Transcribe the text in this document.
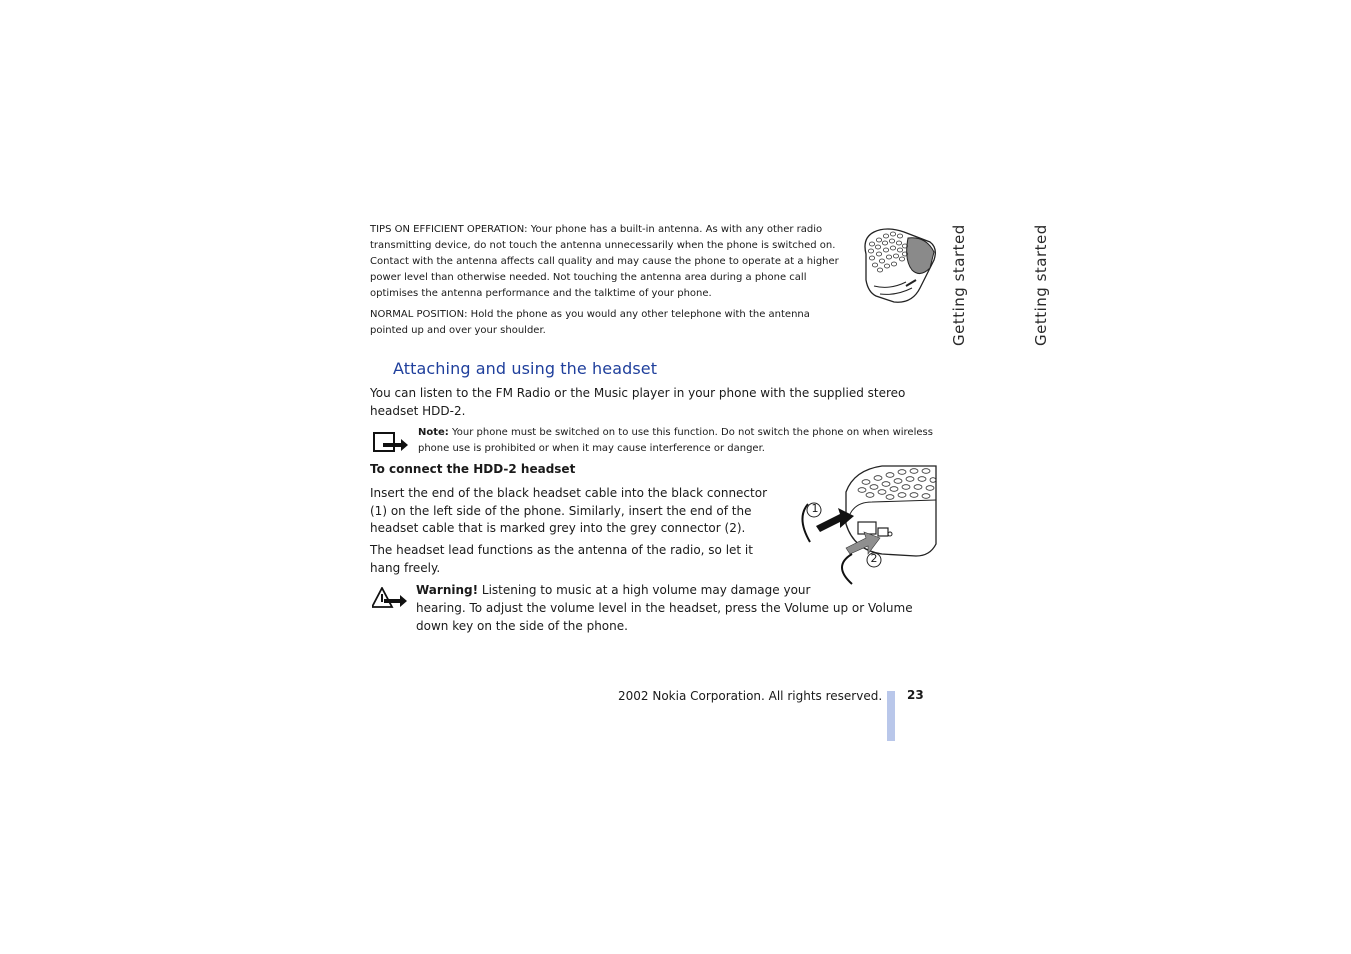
TIPS ON EFFICIENT OPERATION: Your phone has a built-in antenna. As with any other radio transmitting device, do not touch the antenna unnecessarily when the phone is switched on. Contact with the antenna affects call quality and may cause the phone to operate at a higher power level than otherwise needed. Not touching the antenna area during a phone call optimises the antenna performance and the talktime of your phone.
NORMAL POSITION: Hold the phone as you would any other telephone with the antenna pointed up and over your shoulder.	Getting started	Getting started
Attaching and using the headset
You can listen to the FM Radio or the Music player in your phone with the supplied stereo headset HDD-2.
Note: Your phone must be switched on to use this function. Do not switch the phone on when wireless phone use is prohibited or when it may cause interference or danger.
To connect the HDD-2 headset
Insert the end of the black headset cable into the black connector (1) on the left side of the phone. Similarly, insert the end of the headset cable that is marked grey into the grey connector (2).
The headset lead functions as the antenna of the radio, so let it hang freely.
1
2
Warning! Listening to music at a high volume may damage your
hearing. To adjust the volume level in the headset, press the Volume up or Volume down key on the side of the phone.
2002 Nokia Corporation. All rights reserved. 23
